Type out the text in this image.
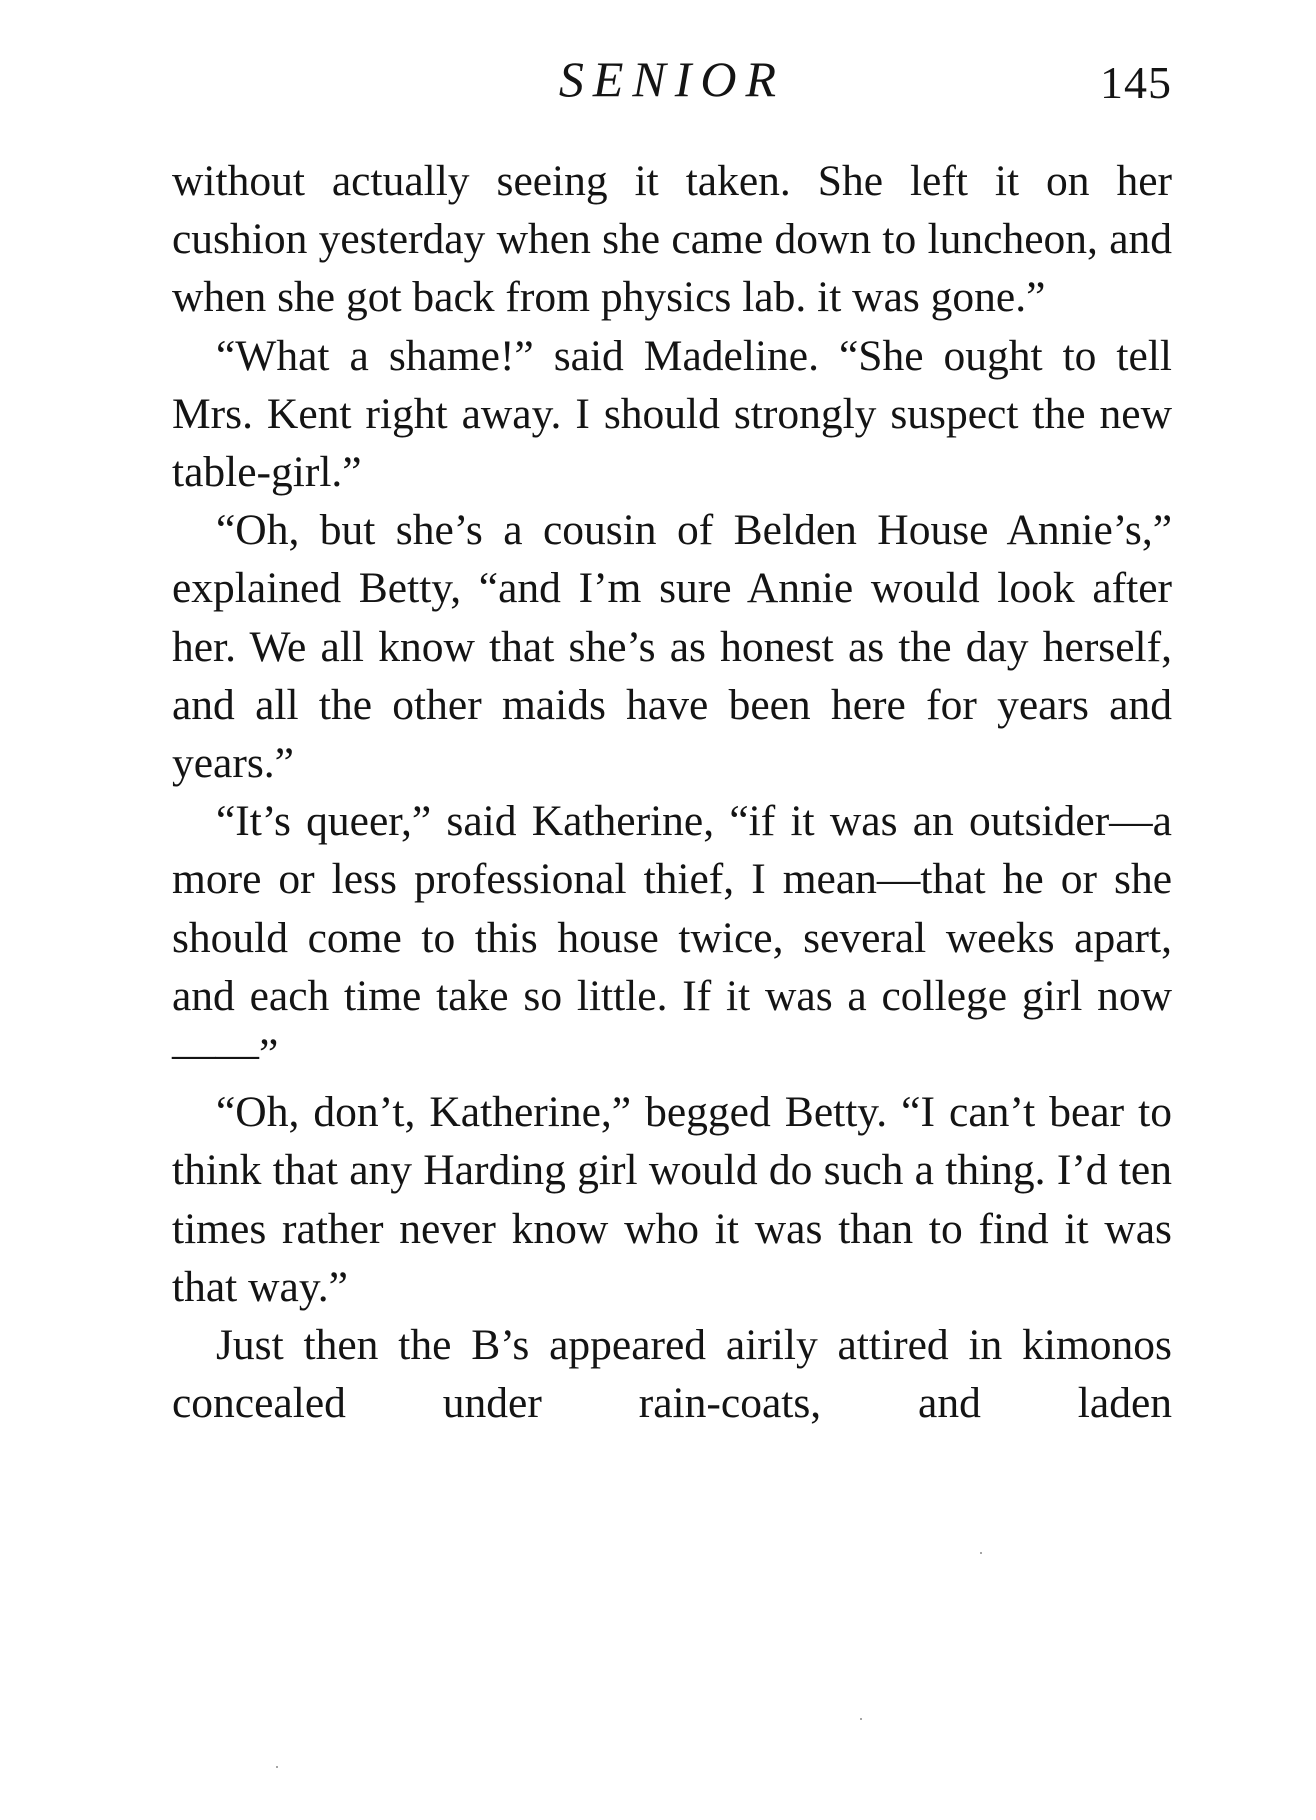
SENIOR	145

without actually seeing it taken. She left it on her cushion yesterday when she came down to luncheon, and when she got back from physics lab. it was gone.”

“What a shame!” said Madeline. “She ought to tell Mrs. Kent right away. I should strongly suspect the new table-girl.”

“Oh, but she’s a cousin of Belden House Annie’s,” explained Betty, “and I’m sure Annie would look after her. We all know that she’s as honest as the day herself, and all the other maids have been here for years and years.”

“It’s queer,” said Katherine, “if it was an outsider—a more or less professional thief, I mean—that he or she should come to this house twice, several weeks apart, and each time take so little. If it was a college girl now ——”

“Oh, don’t, Katherine,” begged Betty. “I can’t bear to think that any Harding girl would do such a thing. I’d ten times rather never know who it was than to find it was that way.”

Just then the B’s appeared airily attired in kimonos concealed under rain-coats, and laden
